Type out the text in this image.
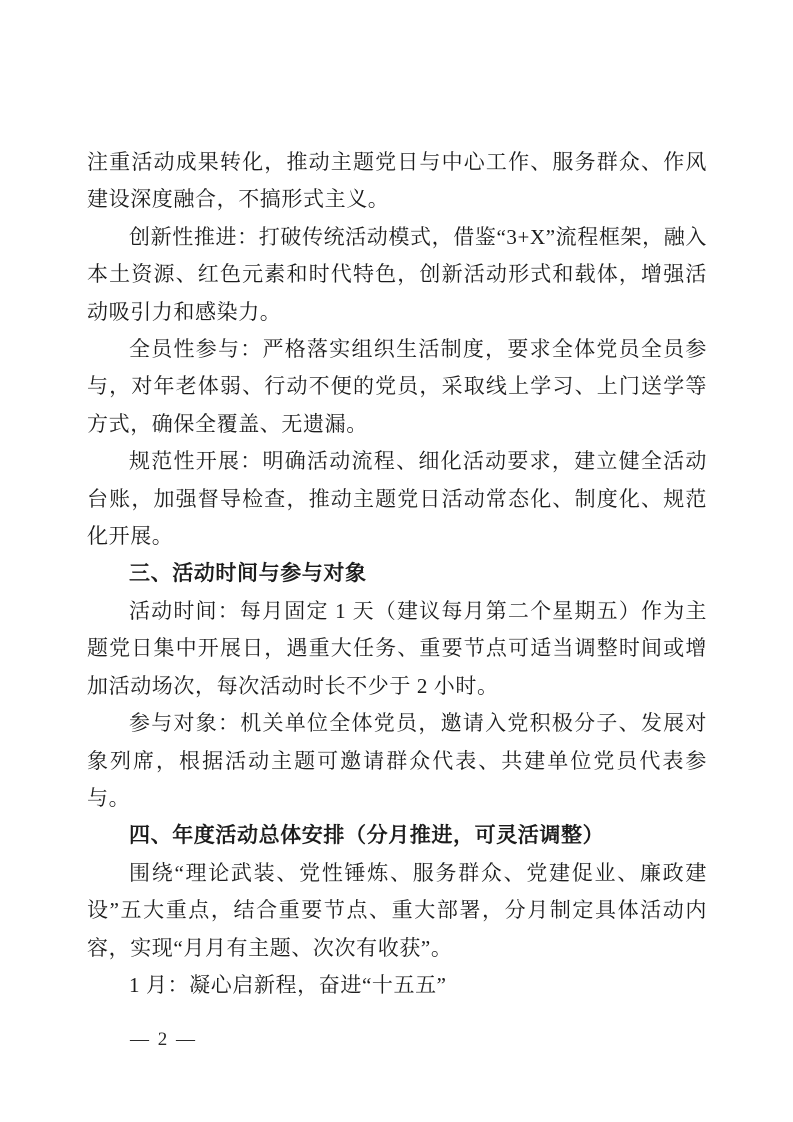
注重活动成果转化，推动主题党日与中心工作、服务群众、作风建设深度融合，不搞形式主义。

创新性推进：打破传统活动模式，借鉴“3+X”流程框架，融入本土资源、红色元素和时代特色，创新活动形式和载体，增强活动吸引力和感染力。

全员性参与：严格落实组织生活制度，要求全体党员全员参与，对年老体弱、行动不便的党员，采取线上学习、上门送学等方式，确保全覆盖、无遗漏。

规范性开展：明确活动流程、细化活动要求，建立健全活动台账，加强督导检查，推动主题党日活动常态化、制度化、规范化开展。

三、活动时间与参与对象

活动时间：每月固定 1 天（建议每月第二个星期五）作为主题党日集中开展日，遇重大任务、重要节点可适当调整时间或增加活动场次，每次活动时长不少于 2 小时。

参与对象：机关单位全体党员，邀请入党积极分子、发展对象列席，根据活动主题可邀请群众代表、共建单位党员代表参与。

四、年度活动总体安排（分月推进，可灵活调整）

围绕“理论武装、党性锤炼、服务群众、党建促业、廉政建设”五大重点，结合重要节点、重大部署，分月制定具体活动内容，实现“月月有主题、次次有收获”。

1 月：凝心启新程，奋进“十五五”

— 2 —
